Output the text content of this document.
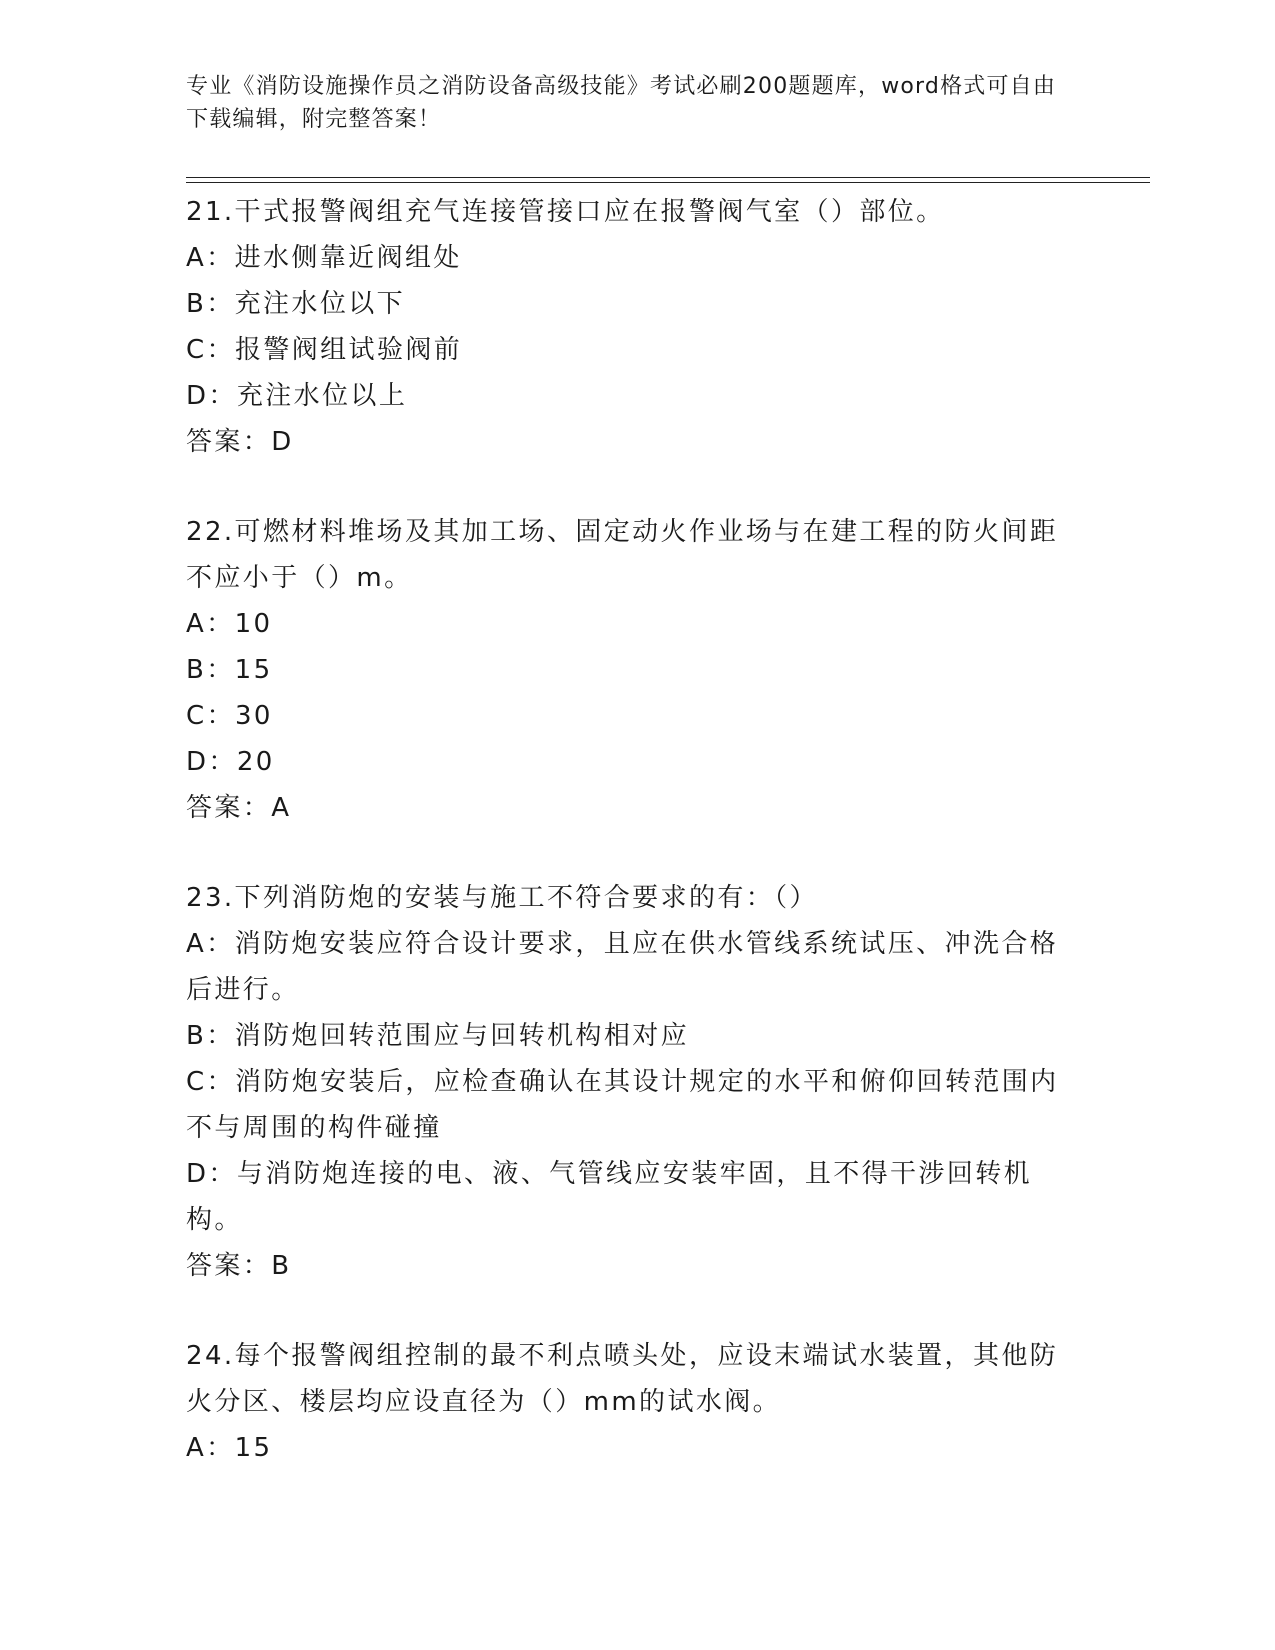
专业《消防设施操作员之消防设备高级技能》考试必刷200题题库，word格式可自由下载编辑，附完整答案！

21.干式报警阀组充气连接管接口应在报警阀气室（）部位。

A：进水侧靠近阀组处

B：充注水位以下

C：报警阀组试验阀前

D：充注水位以上

答案：D

22.可燃材料堆场及其加工场、固定动火作业场与在建工程的防火间距不应小于（）m。

A：10

B：15

C：30

D：20

答案：A

23.下列消防炮的安装与施工不符合要求的有：（）

A：消防炮安装应符合设计要求，且应在供水管线系统试压、冲洗合格后进行。

B：消防炮回转范围应与回转机构相对应

C：消防炮安装后，应检查确认在其设计规定的水平和俯仰回转范围内不与周围的构件碰撞

D：与消防炮连接的电、液、气管线应安装牢固，且不得干涉回转机构。

答案：B

24.每个报警阀组控制的最不利点喷头处，应设末端试水装置，其他防火分区、楼层均应设直径为（）mm的试水阀。

A：15
